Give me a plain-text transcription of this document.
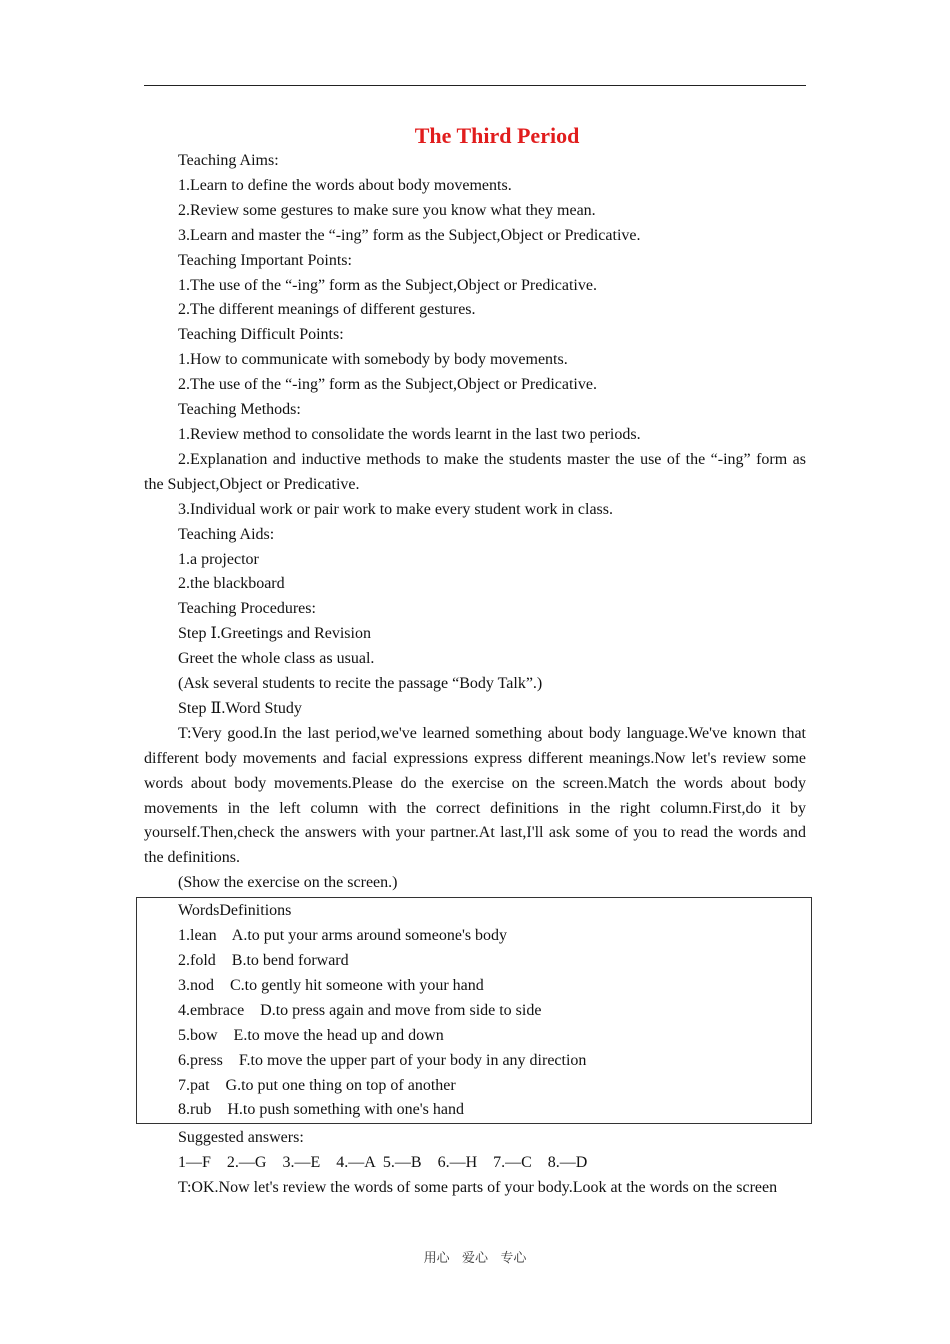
The Third Period
Teaching Aims:
1.Learn to define the words about body movements.
2.Review some gestures to make sure you know what they mean.
3.Learn and master the “-ing” form as the Subject,Object or Predicative.
Teaching Important Points:
1.The use of the “-ing” form as the Subject,Object or Predicative.
2.The different meanings of different gestures.
Teaching Difficult Points:
1.How to communicate with somebody by body movements.
2.The use of the “-ing” form as the Subject,Object or Predicative.
Teaching Methods:
1.Review method to consolidate the words learnt in the last two periods.
2.Explanation and inductive methods to make the students master the use of the “-ing” form as the Subject,Object or Predicative.
3.Individual work or pair work to make every student work in class.
Teaching Aids:
1.a projector
2.the blackboard
Teaching Procedures:
Step Ⅰ.Greetings and Revision
Greet the whole class as usual.
(Ask several students to recite the passage “Body Talk”.)
Step Ⅱ.Word Study
T:Very good.In the last period,we've learned something about body language.We've known that different body movements and facial expressions express different meanings.Now let's review some words about body movements.Please do the exercise on the screen.Match the words about body movements in the left column with the correct definitions in the right column.First,do it by yourself.Then,check the answers with your partner.At last,I'll ask some of you to read the words and the definitions.
(Show the exercise on the screen.)
WordsDefinitions
1.lean    A.to put your arms around someone's body
2.fold    B.to bend forward
3.nod    C.to gently hit someone with your hand
4.embrace    D.to press again and move from side to side
5.bow    E.to move the head up and down
6.press    F.to move the upper part of your body in any direction
7.pat    G.to put one thing on top of another
8.rub    H.to push something with one's hand
Suggested answers:
1—F    2.—G    3.—E    4.—A  5.—B    6.—H    7.—C    8.—D
T:OK.Now let's review the words of some parts of your body.Look at the words on the screen
用心   爱心   专心
